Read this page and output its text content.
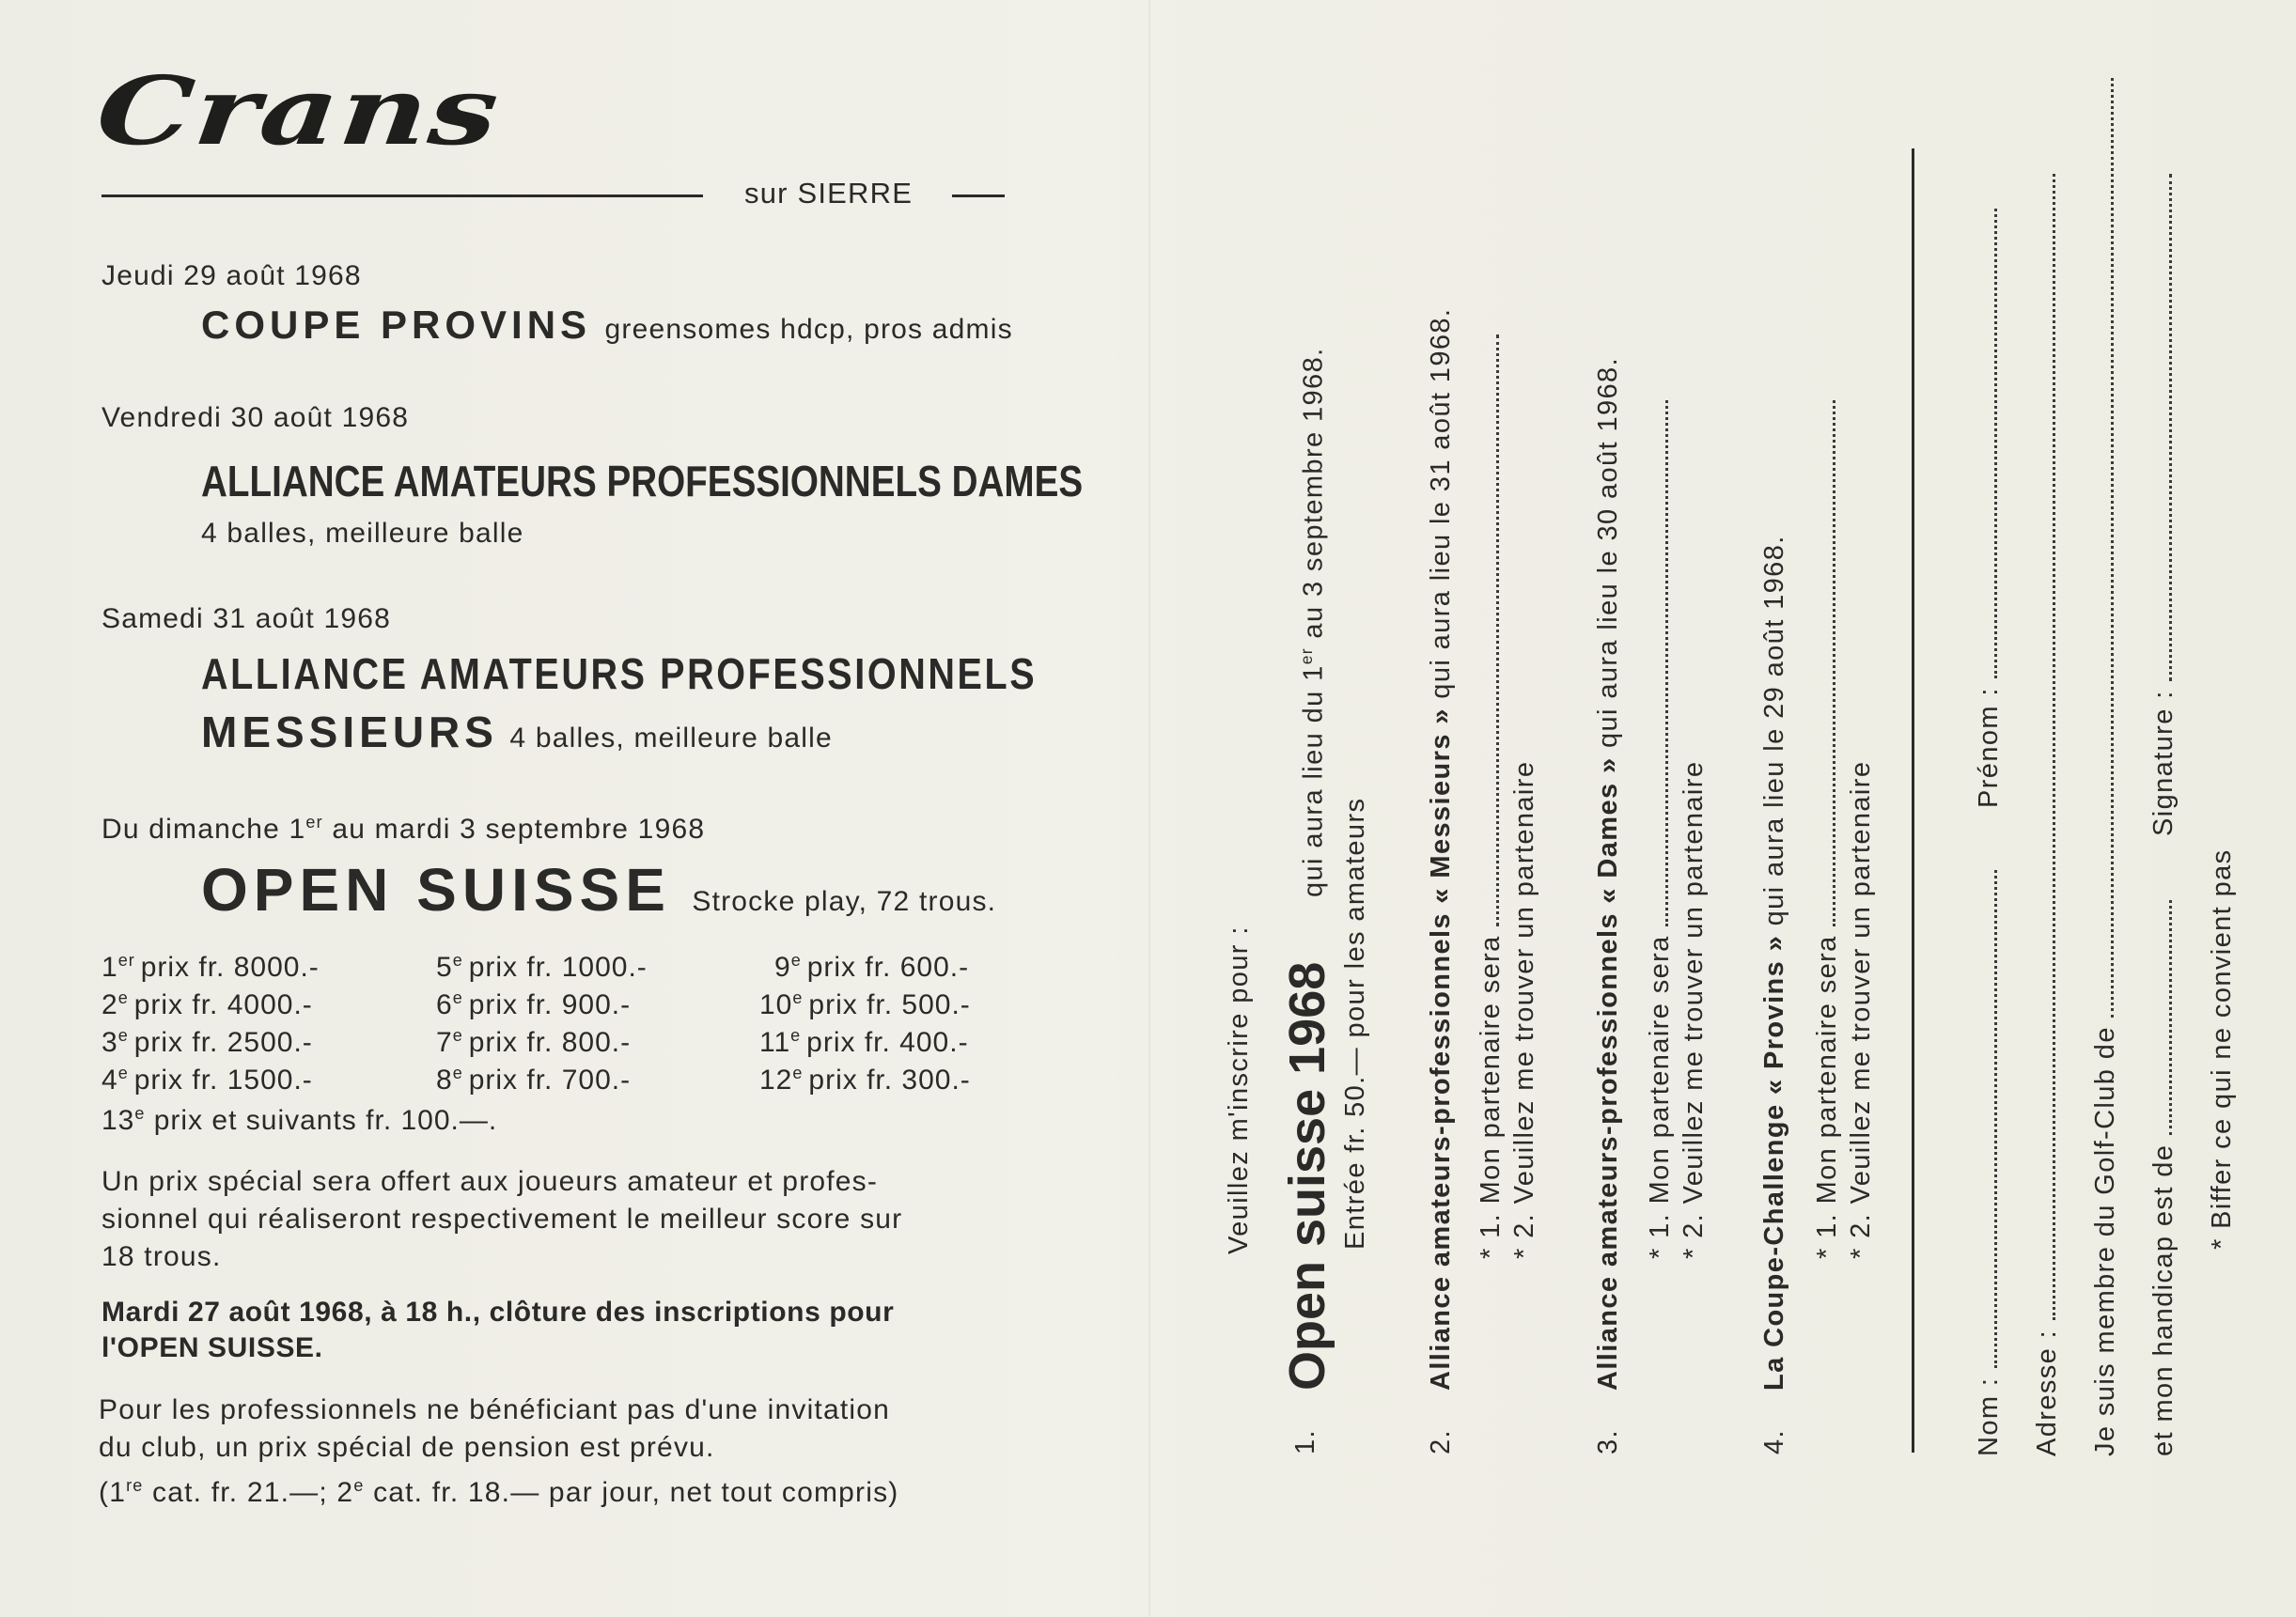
Crans
sur SIERRE
Jeudi 29 août 1968
COUPE PROVINS greensomes hdcp, pros admis
Vendredi 30 août 1968
ALLIANCE AMATEURS PROFESSIONNELS DAMES
4 balles, meilleure balle
Samedi 31 août 1968
ALLIANCE AMATEURS PROFESSIONNELS
MESSIEURS 4 balles, meilleure balle
Du dimanche 1er au mardi 3 septembre 1968
OPEN SUISSE Strocke play, 72 trous.
1er prix fr. 8000.-	5e prix fr. 1000.-	9e prix fr. 600.-
2e prix fr. 4000.-	6e prix fr. 900.-	10e prix fr. 500.-
3e prix fr. 2500.-	7e prix fr. 800.-	11e prix fr. 400.-
4e prix fr. 1500.-	8e prix fr. 700.-	12e prix fr. 300.-
13e prix et suivants fr. 100.—.
Un prix spécial sera offert aux joueurs amateur et profes-
sionnel qui réaliseront respectivement le meilleur score sur
18 trous.
Mardi 27 août 1968, à 18 h., clôture des inscriptions pour
l'OPEN SUISSE.
Pour les professionnels ne bénéficiant pas d'une invitation
du club, un prix spécial de pension est prévu.
(1re cat. fr. 21.—; 2e cat. fr. 18.— par jour, net tout compris)
Veuillez m'inscrire pour :
1.
Open suisse 1968
qui aura lieu du 1er au 3 septembre 1968.
Entrée fr. 50.— pour les amateurs
2.
Alliance amateurs-professionnels « Messieurs » qui aura lieu le 31 août 1968.
* 1. Mon partenaire sera * 2. Veuillez me trouver un partenaire
3.
Alliance amateurs-professionnels « Dames » qui aura lieu le 30 août 1968.
* 1. Mon partenaire sera * 2. Veuillez me trouver un partenaire
4.
La Coupe-Challenge « Provins » qui aura lieu le 29 août 1968.
* 1. Mon partenaire sera * 2. Veuillez me trouver un partenaire
Nom :
Prénom :
Adresse : Je suis membre du Golf-Club de et mon handicap est de
Signature :
* Biffer ce qui ne convient pas
